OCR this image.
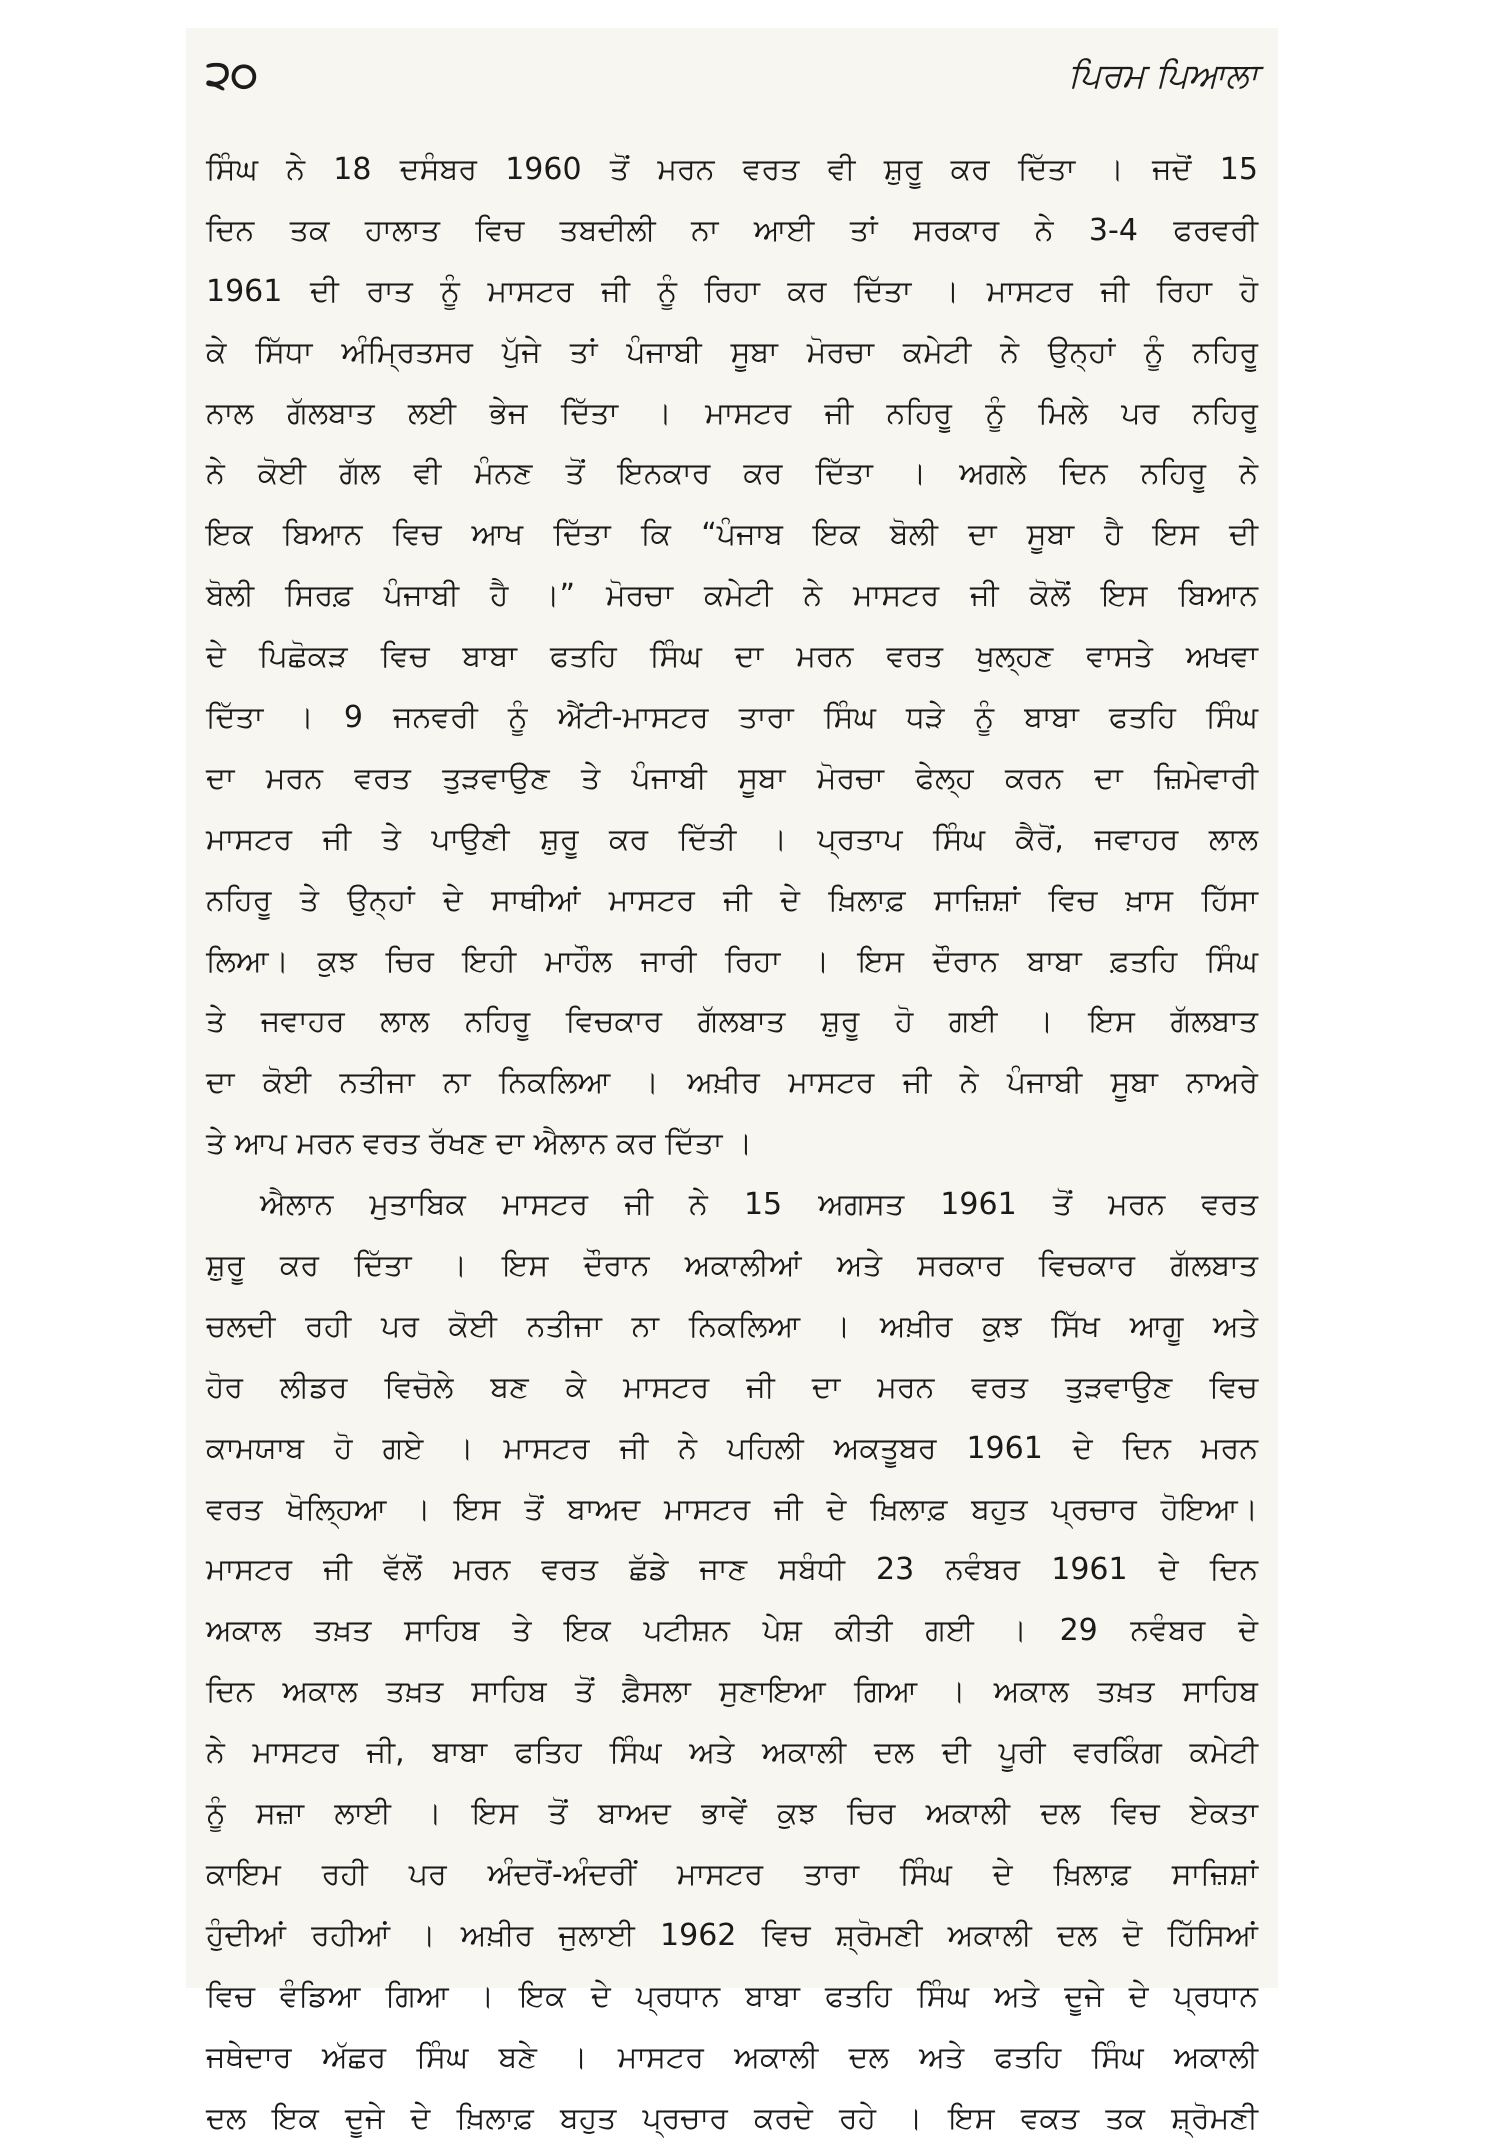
੨੦	ਪਿਰਮ ਪਿਆਲਾ
ਸਿੰਘ ਨੇ 18 ਦਸੰਬਰ 1960 ਤੋਂ ਮਰਨ ਵਰਤ ਵੀ ਸ਼ੁਰੂ ਕਰ ਦਿੱਤਾ । ਜਦੋਂ 15
ਦਿਨ ਤਕ ਹਾਲਾਤ ਵਿਚ ਤਬਦੀਲੀ ਨਾ ਆਈ ਤਾਂ ਸਰਕਾਰ ਨੇ 3-4 ਫਰਵਰੀ
1961 ਦੀ ਰਾਤ ਨੂੰ ਮਾਸਟਰ ਜੀ ਨੂੰ ਰਿਹਾ ਕਰ ਦਿੱਤਾ । ਮਾਸਟਰ ਜੀ ਰਿਹਾ ਹੋ
ਕੇ ਸਿੱਧਾ ਅੰਮ੍ਰਿਤਸਰ ਪੁੱਜੇ ਤਾਂ ਪੰਜਾਬੀ ਸੂਬਾ ਮੋਰਚਾ ਕਮੇਟੀ ਨੇ ਉਨ੍ਹਾਂ ਨੂੰ ਨਹਿਰੂ
ਨਾਲ ਗੱਲਬਾਤ ਲਈ ਭੇਜ ਦਿੱਤਾ । ਮਾਸਟਰ ਜੀ ਨਹਿਰੂ ਨੂੰ ਮਿਲੇ ਪਰ ਨਹਿਰੂ
ਨੇ ਕੋਈ ਗੱਲ ਵੀ ਮੰਨਣ ਤੋਂ ਇਨਕਾਰ ਕਰ ਦਿੱਤਾ । ਅਗਲੇ ਦਿਨ ਨਹਿਰੂ ਨੇ
ਇਕ ਬਿਆਨ ਵਿਚ ਆਖ ਦਿੱਤਾ ਕਿ “ਪੰਜਾਬ ਇਕ ਬੋਲੀ ਦਾ ਸੂਬਾ ਹੈ ਇਸ ਦੀ
ਬੋਲੀ ਸਿਰਫ਼ ਪੰਜਾਬੀ ਹੈ ।” ਮੋਰਚਾ ਕਮੇਟੀ ਨੇ ਮਾਸਟਰ ਜੀ ਕੋਲੋਂ ਇਸ ਬਿਆਨ
ਦੇ ਪਿਛੋਕੜ ਵਿਚ ਬਾਬਾ ਫਤਹਿ ਸਿੰਘ ਦਾ ਮਰਨ ਵਰਤ ਖੁਲ੍ਹਣ ਵਾਸਤੇ ਅਖਵਾ
ਦਿੱਤਾ । 9 ਜਨਵਰੀ ਨੂੰ ਐਂਟੀ-ਮਾਸਟਰ ਤਾਰਾ ਸਿੰਘ ਧੜੇ ਨੂੰ ਬਾਬਾ ਫਤਹਿ ਸਿੰਘ
ਦਾ ਮਰਨ ਵਰਤ ਤੁੜਵਾਉਣ ਤੇ ਪੰਜਾਬੀ ਸੂਬਾ ਮੋਰਚਾ ਫੇਲ੍ਹ ਕਰਨ ਦਾ ਜ਼ਿਮੇਵਾਰੀ
ਮਾਸਟਰ ਜੀ ਤੇ ਪਾਉਣੀ ਸ਼ੁਰੂ ਕਰ ਦਿੱਤੀ । ਪ੍ਰਤਾਪ ਸਿੰਘ ਕੈਰੋਂ, ਜਵਾਹਰ ਲਾਲ
ਨਹਿਰੂ ਤੇ ਉਨ੍ਹਾਂ ਦੇ ਸਾਥੀਆਂ ਮਾਸਟਰ ਜੀ ਦੇ ਖ਼ਿਲਾਫ਼ ਸਾਜ਼ਿਸ਼ਾਂ ਵਿਚ ਖ਼ਾਸ ਹਿੱਸਾ
ਲਿਆ। ਕੁਝ ਚਿਰ ਇਹੀ ਮਾਹੌਲ ਜਾਰੀ ਰਿਹਾ । ਇਸ ਦੌਰਾਨ ਬਾਬਾ ਫ਼ਤਹਿ ਸਿੰਘ
ਤੇ ਜਵਾਹਰ ਲਾਲ ਨਹਿਰੂ ਵਿਚਕਾਰ ਗੱਲਬਾਤ ਸ਼ੁਰੂ ਹੋ ਗਈ । ਇਸ ਗੱਲਬਾਤ
ਦਾ ਕੋਈ ਨਤੀਜਾ ਨਾ ਨਿਕਲਿਆ । ਅਖ਼ੀਰ ਮਾਸਟਰ ਜੀ ਨੇ ਪੰਜਾਬੀ ਸੂਬਾ ਨਾਅਰੇ
ਤੇ ਆਪ ਮਰਨ ਵਰਤ ਰੱਖਣ ਦਾ ਐਲਾਨ ਕਰ ਦਿੱਤਾ ।
ਐਲਾਨ ਮੁਤਾਬਿਕ ਮਾਸਟਰ ਜੀ ਨੇ 15 ਅਗਸਤ 1961 ਤੋਂ ਮਰਨ ਵਰਤ
ਸ਼ੁਰੂ ਕਰ ਦਿੱਤਾ । ਇਸ ਦੌਰਾਨ ਅਕਾਲੀਆਂ ਅਤੇ ਸਰਕਾਰ ਵਿਚਕਾਰ ਗੱਲਬਾਤ
ਚਲਦੀ ਰਹੀ ਪਰ ਕੋਈ ਨਤੀਜਾ ਨਾ ਨਿਕਲਿਆ । ਅਖ਼ੀਰ ਕੁਝ ਸਿੱਖ ਆਗੂ ਅਤੇ
ਹੋਰ ਲੀਡਰ ਵਿਚੋਲੇ ਬਣ ਕੇ ਮਾਸਟਰ ਜੀ ਦਾ ਮਰਨ ਵਰਤ ਤੁੜਵਾਉਣ ਵਿਚ
ਕਾਮਯਾਬ ਹੋ ਗਏ । ਮਾਸਟਰ ਜੀ ਨੇ ਪਹਿਲੀ ਅਕਤੂਬਰ 1961 ਦੇ ਦਿਨ ਮਰਨ
ਵਰਤ ਖੋਲ੍ਹਿਆ । ਇਸ ਤੋਂ ਬਾਅਦ ਮਾਸਟਰ ਜੀ ਦੇ ਖ਼ਿਲਾਫ਼ ਬਹੁਤ ਪ੍ਰਚਾਰ ਹੋਇਆ।
ਮਾਸਟਰ ਜੀ ਵੱਲੋਂ ਮਰਨ ਵਰਤ ਛੱਡੇ ਜਾਣ ਸਬੰਧੀ 23 ਨਵੰਬਰ 1961 ਦੇ ਦਿਨ
ਅਕਾਲ ਤਖ਼ਤ ਸਾਹਿਬ ਤੇ ਇਕ ਪਟੀਸ਼ਨ ਪੇਸ਼ ਕੀਤੀ ਗਈ । 29 ਨਵੰਬਰ ਦੇ
ਦਿਨ ਅਕਾਲ ਤਖ਼ਤ ਸਾਹਿਬ ਤੋਂ ਫ਼ੈਸਲਾ ਸੁਣਾਇਆ ਗਿਆ । ਅਕਾਲ ਤਖ਼ਤ ਸਾਹਿਬ
ਨੇ ਮਾਸਟਰ ਜੀ, ਬਾਬਾ ਫਤਿਹ ਸਿੰਘ ਅਤੇ ਅਕਾਲੀ ਦਲ ਦੀ ਪੂਰੀ ਵਰਕਿੰਗ ਕਮੇਟੀ
ਨੂੰ ਸਜ਼ਾ ਲਾਈ । ਇਸ ਤੋਂ ਬਾਅਦ ਭਾਵੇਂ ਕੁਝ ਚਿਰ ਅਕਾਲੀ ਦਲ ਵਿਚ ਏਕਤਾ
ਕਾਇਮ ਰਹੀ ਪਰ ਅੰਦਰੋਂ-ਅੰਦਰੀਂ ਮਾਸਟਰ ਤਾਰਾ ਸਿੰਘ ਦੇ ਖ਼ਿਲਾਫ਼ ਸਾਜ਼ਿਸ਼ਾਂ
ਹੁੰਦੀਆਂ ਰਹੀਆਂ । ਅਖ਼ੀਰ ਜੁਲਾਈ 1962 ਵਿਚ ਸ਼੍ਰੋਮਣੀ ਅਕਾਲੀ ਦਲ ਦੋ ਹਿੱਸਿਆਂ
ਵਿਚ ਵੰਡਿਆ ਗਿਆ । ਇਕ ਦੇ ਪ੍ਰਧਾਨ ਬਾਬਾ ਫਤਹਿ ਸਿੰਘ ਅਤੇ ਦੂਜੇ ਦੇ ਪ੍ਰਧਾਨ
ਜਥੇਦਾਰ ਅੱਛਰ ਸਿੰਘ ਬਣੇ । ਮਾਸਟਰ ਅਕਾਲੀ ਦਲ ਅਤੇ ਫਤਹਿ ਸਿੰਘ ਅਕਾਲੀ
ਦਲ ਇਕ ਦੂਜੇ ਦੇ ਖ਼ਿਲਾਫ਼ ਬਹੁਤ ਪ੍ਰਚਾਰ ਕਰਦੇ ਰਹੇ । ਇਸ ਵਕਤ ਤਕ ਸ਼੍ਰੋਮਣੀ
